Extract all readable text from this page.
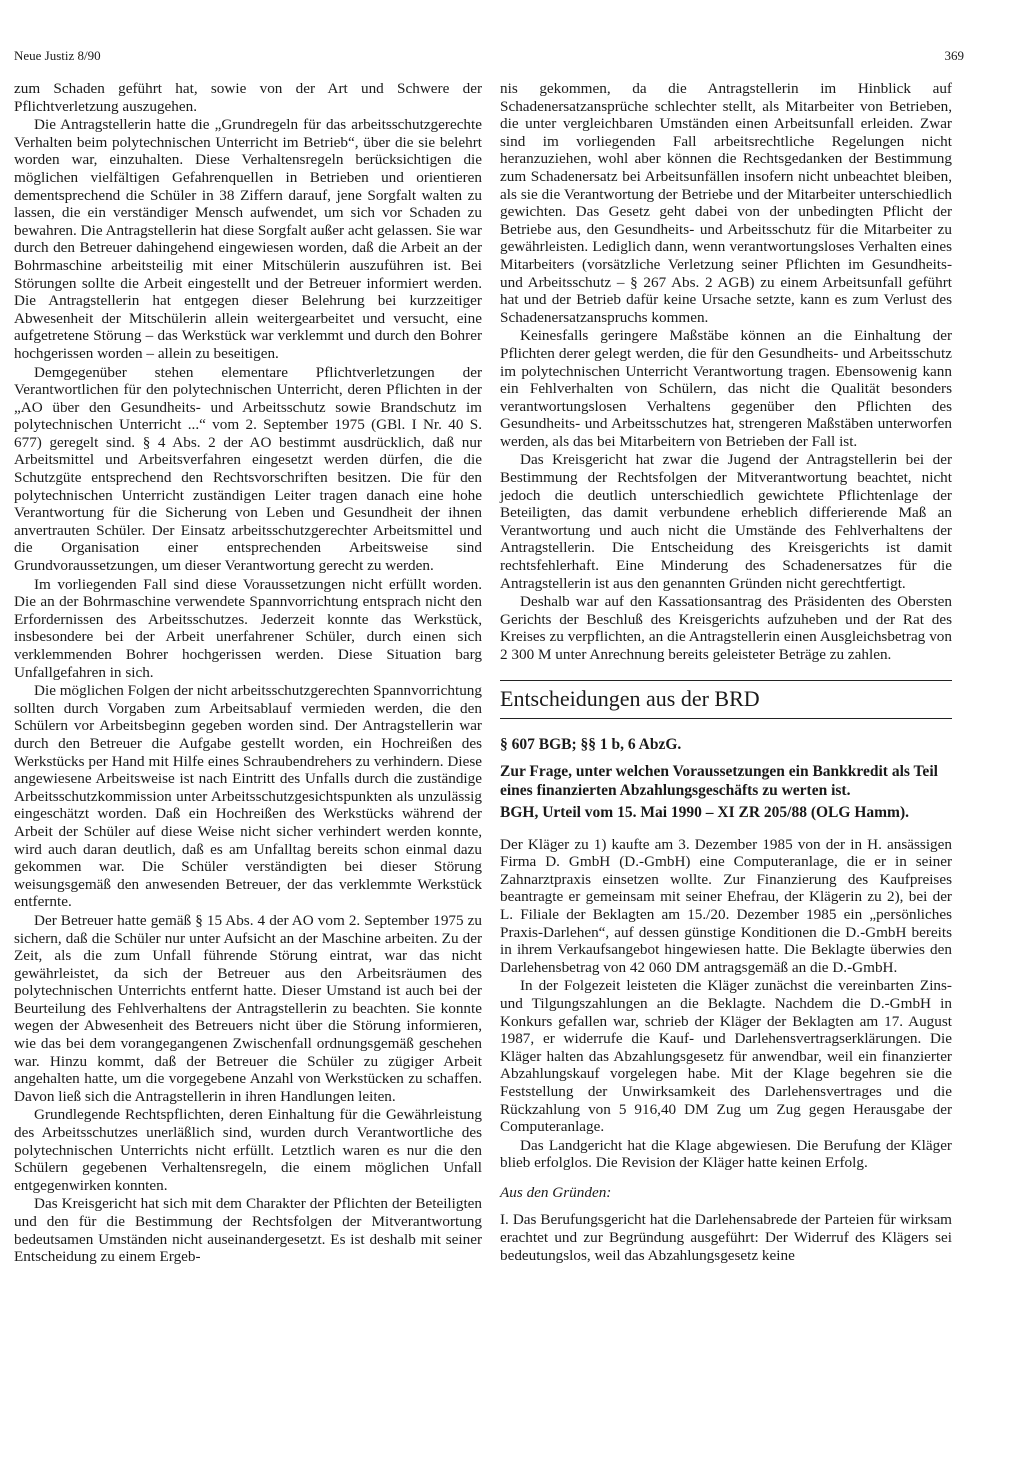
Neue Justiz 8/90	369

zum Schaden geführt hat, sowie von der Art und Schwere der Pflichtverletzung auszugehen.

Die Antragstellerin hatte die „Grundregeln für das arbeitsschutzgerechte Verhalten beim polytechnischen Unterricht im Betrieb“, über die sie belehrt worden war, einzuhalten. Diese Verhaltensregeln berücksichtigen die möglichen vielfältigen Gefahrenquellen in Betrieben und orientieren dementsprechend die Schüler in 38 Ziffern darauf, jene Sorgfalt walten zu lassen, die ein verständiger Mensch aufwendet, um sich vor Schaden zu bewahren. Die Antragstellerin hat diese Sorgfalt außer acht gelassen. Sie war durch den Betreuer dahingehend eingewiesen worden, daß die Arbeit an der Bohrmaschine arbeitsteilig mit einer Mitschülerin auszuführen ist. Bei Störungen sollte die Arbeit eingestellt und der Betreuer informiert werden. Die Antragstellerin hat entgegen dieser Belehrung bei kurzzeitiger Abwesenheit der Mitschülerin allein weitergearbeitet und versucht, eine aufgetretene Störung – das Werkstück war verklemmt und durch den Bohrer hochgerissen worden – allein zu beseitigen.

Demgegenüber stehen elementare Pflichtverletzungen der Verantwortlichen für den polytechnischen Unterricht, deren Pflichten in der „AO über den Gesundheits- und Arbeitsschutz sowie Brandschutz im polytechnischen Unterricht ...“ vom 2. September 1975 (GBl. I Nr. 40 S. 677) geregelt sind. § 4 Abs. 2 der AO bestimmt ausdrücklich, daß nur Arbeitsmittel und Arbeitsverfahren eingesetzt werden dürfen, die die Schutzgüte entsprechend den Rechtsvorschriften besitzen. Die für den polytechnischen Unterricht zuständigen Leiter tragen danach eine hohe Verantwortung für die Sicherung von Leben und Gesundheit der ihnen anvertrauten Schüler. Der Einsatz arbeitsschutzgerechter Arbeitsmittel und die Organisation einer entsprechenden Arbeitsweise sind Grundvoraussetzungen, um dieser Verantwortung gerecht zu werden.

Im vorliegenden Fall sind diese Voraussetzungen nicht erfüllt worden. Die an der Bohrmaschine verwendete Spannvorrichtung entsprach nicht den Erfordernissen des Arbeitsschutzes. Jederzeit konnte das Werkstück, insbesondere bei der Arbeit unerfahrener Schüler, durch einen sich verklemmenden Bohrer hochgerissen werden. Diese Situation barg Unfallgefahren in sich.

Die möglichen Folgen der nicht arbeitsschutzgerechten Spannvorrichtung sollten durch Vorgaben zum Arbeitsablauf vermieden werden, die den Schülern vor Arbeitsbeginn gegeben worden sind. Der Antragstellerin war durch den Betreuer die Aufgabe gestellt worden, ein Hochreißen des Werkstücks per Hand mit Hilfe eines Schraubendrehers zu verhindern. Diese angewiesene Arbeitsweise ist nach Eintritt des Unfalls durch die zuständige Arbeitsschutzkommission unter Arbeitsschutzgesichtspunkten als unzulässig eingeschätzt worden. Daß ein Hochreißen des Werkstücks während der Arbeit der Schüler auf diese Weise nicht sicher verhindert werden konnte, wird auch daran deutlich, daß es am Unfalltag bereits schon einmal dazu gekommen war. Die Schüler verständigten bei dieser Störung weisungsgemäß den anwesenden Betreuer, der das verklemmte Werkstück entfernte.

Der Betreuer hatte gemäß § 15 Abs. 4 der AO vom 2. September 1975 zu sichern, daß die Schüler nur unter Aufsicht an der Maschine arbeiten. Zu der Zeit, als die zum Unfall führende Störung eintrat, war das nicht gewährleistet, da sich der Betreuer aus den Arbeitsräumen des polytechnischen Unterrichts entfernt hatte. Dieser Umstand ist auch bei der Beurteilung des Fehlverhaltens der Antragstellerin zu beachten. Sie konnte wegen der Abwesenheit des Betreuers nicht über die Störung informieren, wie das bei dem vorangegangenen Zwischenfall ordnungsgemäß geschehen war. Hinzu kommt, daß der Betreuer die Schüler zu zügiger Arbeit angehalten hatte, um die vorgegebene Anzahl von Werkstücken zu schaffen. Davon ließ sich die Antragstellerin in ihren Handlungen leiten.

Grundlegende Rechtspflichten, deren Einhaltung für die Gewährleistung des Arbeitsschutzes unerläßlich sind, wurden durch Verantwortliche des polytechnischen Unterrichts nicht erfüllt. Letztlich waren es nur die den Schülern gegebenen Verhaltensregeln, die einem möglichen Unfall entgegenwirken konnten.

Das Kreisgericht hat sich mit dem Charakter der Pflichten der Beteiligten und den für die Bestimmung der Rechtsfolgen der Mitverantwortung bedeutsamen Umständen nicht auseinandergesetzt. Es ist deshalb mit seiner Entscheidung zu einem Ergeb-

nis gekommen, da die Antragstellerin im Hinblick auf Schadenersatzansprüche schlechter stellt, als Mitarbeiter von Betrieben, die unter vergleichbaren Umständen einen Arbeitsunfall erleiden. Zwar sind im vorliegenden Fall arbeitsrechtliche Regelungen nicht heranzuziehen, wohl aber können die Rechtsgedanken der Bestimmung zum Schadenersatz bei Arbeitsunfällen insofern nicht unbeachtet bleiben, als sie die Verantwortung der Betriebe und der Mitarbeiter unterschiedlich gewichten. Das Gesetz geht dabei von der unbedingten Pflicht der Betriebe aus, den Gesundheits- und Arbeitsschutz für die Mitarbeiter zu gewährleisten. Lediglich dann, wenn verantwortungsloses Verhalten eines Mitarbeiters (vorsätzliche Verletzung seiner Pflichten im Gesundheits- und Arbeitsschutz – § 267 Abs. 2 AGB) zu einem Arbeitsunfall geführt hat und der Betrieb dafür keine Ursache setzte, kann es zum Verlust des Schadenersatzanspruchs kommen.

Keinesfalls geringere Maßstäbe können an die Einhaltung der Pflichten derer gelegt werden, die für den Gesundheits- und Arbeitsschutz im polytechnischen Unterricht Verantwortung tragen. Ebensowenig kann ein Fehlverhalten von Schülern, das nicht die Qualität besonders verantwortungslosen Verhaltens gegenüber den Pflichten des Gesundheits- und Arbeitsschutzes hat, strengeren Maßstäben unterworfen werden, als das bei Mitarbeitern von Betrieben der Fall ist.

Das Kreisgericht hat zwar die Jugend der Antragstellerin bei der Bestimmung der Rechtsfolgen der Mitverantwortung beachtet, nicht jedoch die deutlich unterschiedlich gewichtete Pflichtenlage der Beteiligten, das damit verbundene erheblich differierende Maß an Verantwortung und auch nicht die Umstände des Fehlverhaltens der Antragstellerin. Die Entscheidung des Kreisgerichts ist damit rechtsfehlerhaft. Eine Minderung des Schadenersatzes für die Antragstellerin ist aus den genannten Gründen nicht gerechtfertigt.

Deshalb war auf den Kassationsantrag des Präsidenten des Obersten Gerichts der Beschluß des Kreisgerichts aufzuheben und der Rat des Kreises zu verpflichten, an die Antragstellerin einen Ausgleichsbetrag von 2 300 M unter Anrechnung bereits geleisteter Beträge zu zahlen.

Entscheidungen aus der BRD
§ 607 BGB; §§ 1 b, 6 AbzG.
Zur Frage, unter welchen Voraussetzungen ein Bankkredit als Teil eines finanzierten Abzahlungsgeschäfts zu werten ist.
BGH, Urteil vom 15. Mai 1990 – XI ZR 205/88 (OLG Hamm).

Der Kläger zu 1) kaufte am 3. Dezember 1985 von der in H. ansässigen Firma D. GmbH (D.-GmbH) eine Computeranlage, die er in seiner Zahnarztpraxis einsetzen wollte. Zur Finanzierung des Kaufpreises beantragte er gemeinsam mit seiner Ehefrau, der Klägerin zu 2), bei der L. Filiale der Beklagten am 15./20. Dezember 1985 ein „persönliches Praxis-Darlehen“, auf dessen günstige Konditionen die D.-GmbH bereits in ihrem Verkaufsangebot hingewiesen hatte. Die Beklagte überwies den Darlehensbetrag von 42 060 DM antragsgemäß an die D.-GmbH.

In der Folgezeit leisteten die Kläger zunächst die vereinbarten Zins- und Tilgungszahlungen an die Beklagte. Nachdem die D.-GmbH in Konkurs gefallen war, schrieb der Kläger der Beklagten am 17. August 1987, er widerrufe die Kauf- und Darlehensvertragserklärungen. Die Kläger halten das Abzahlungsgesetz für anwendbar, weil ein finanzierter Abzahlungskauf vorgelegen habe. Mit der Klage begehren sie die Feststellung der Unwirksamkeit des Darlehensvertrages und die Rückzahlung von 5 916,40 DM Zug um Zug gegen Herausgabe der Computeranlage.

Das Landgericht hat die Klage abgewiesen. Die Berufung der Kläger blieb erfolglos. Die Revision der Kläger hatte keinen Erfolg.

Aus den Gründen:

I. Das Berufungsgericht hat die Darlehensabrede der Parteien für wirksam erachtet und zur Begründung ausgeführt: Der Widerruf des Klägers sei bedeutungslos, weil das Abzahlungsgesetz keine
